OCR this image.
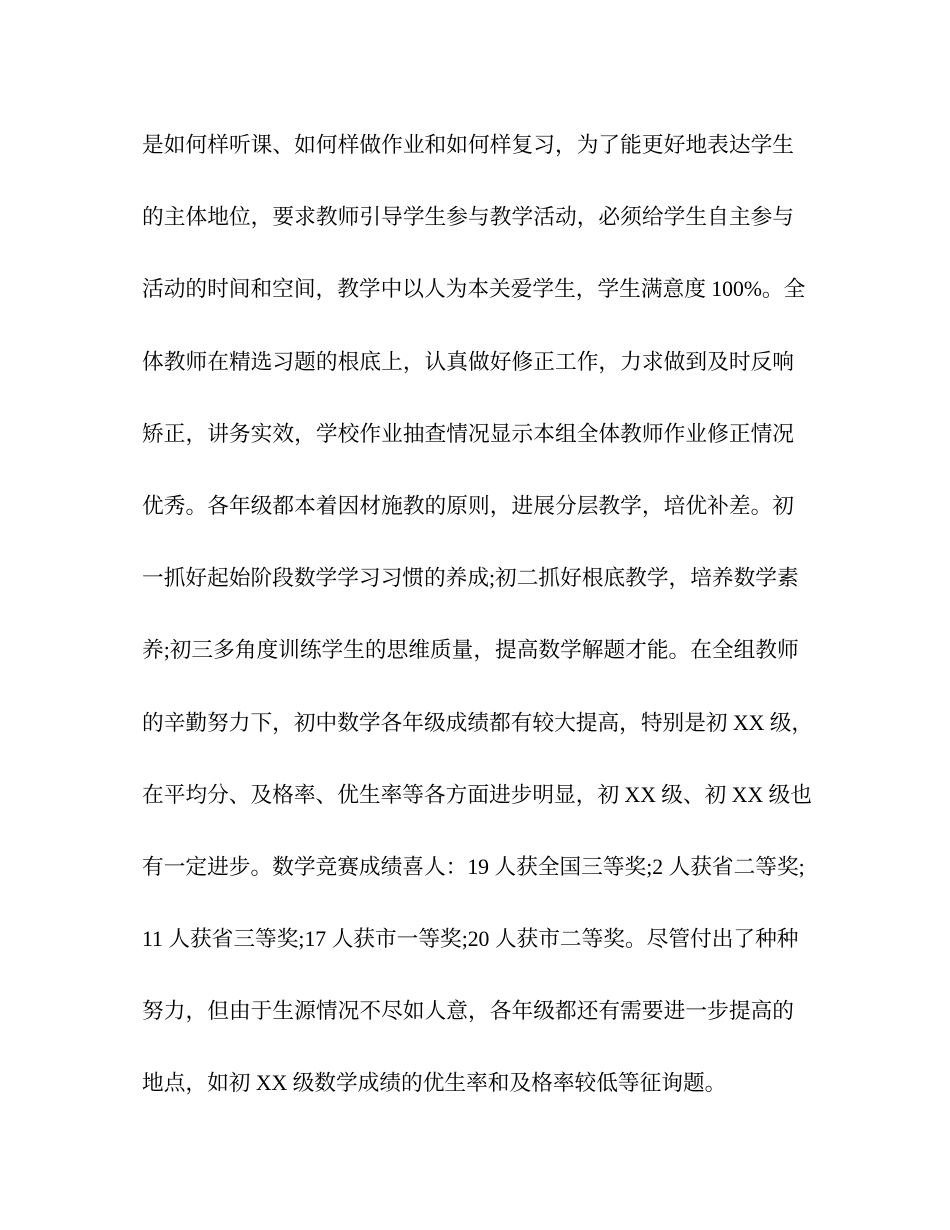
是如何样听课、如何样做作业和如何样复习，为了能更好地表达学生
的主体地位，要求教师引导学生参与教学活动，必须给学生自主参与
活动的时间和空间，教学中以人为本关爱学生，学生满意度 100%。全
体教师在精选习题的根底上，认真做好修正工作，力求做到及时反响
矫正，讲务实效，学校作业抽查情况显示本组全体教师作业修正情况
优秀。各年级都本着因材施教的原则，进展分层教学，培优补差。初
一抓好起始阶段数学学习习惯的养成;初二抓好根底教学，培养数学素
养;初三多角度训练学生的思维质量，提高数学解题才能。在全组教师
的辛勤努力下，初中数学各年级成绩都有较大提高，特别是初 XX 级，
在平均分、及格率、优生率等各方面进步明显，初 XX 级、初 XX 级也
有一定进步。数学竞赛成绩喜人：19 人获全国三等奖;2 人获省二等奖;
11 人获省三等奖;17 人获市一等奖;20 人获市二等奖。尽管付出了种种
努力，但由于生源情况不尽如人意，各年级都还有需要进一步提高的
地点，如初 XX 级数学成绩的优生率和及格率较低等征询题。
